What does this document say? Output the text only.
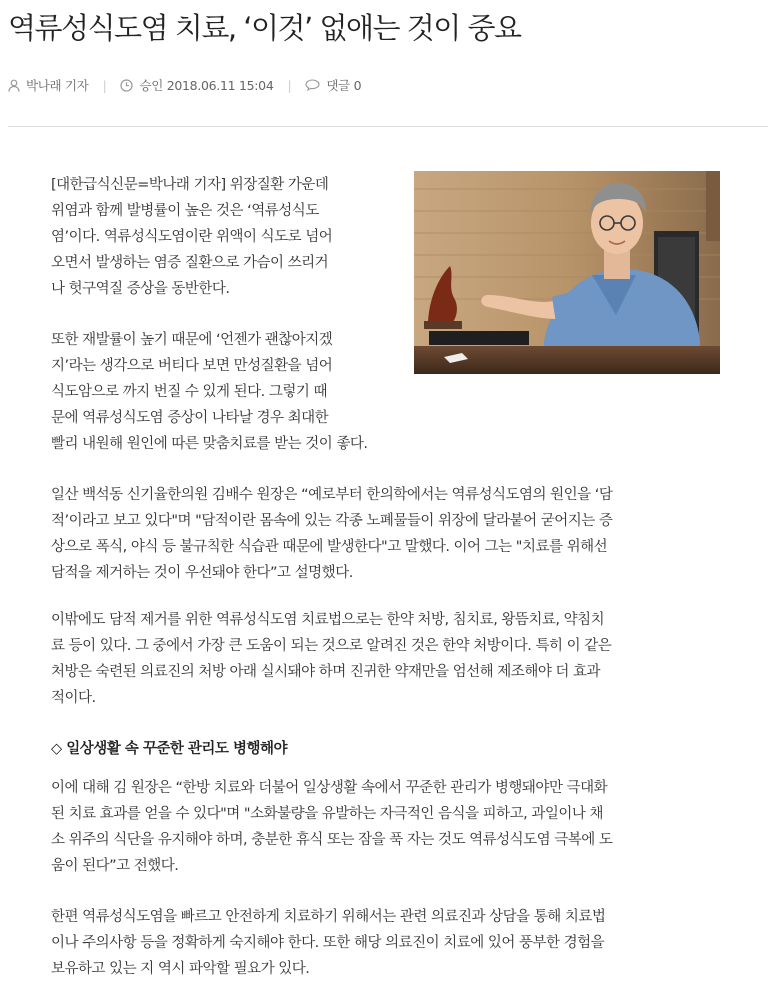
역류성식도염 치료, ‘이것’ 없애는 것이 중요
박나래 기자 |	승인 2018.06.11 15:04 |	댓글 0

[대한급식신문=박나래 기자] 위장질환 가운데
위염과 함께 발병률이 높은 것은 ‘역류성식도
염’이다. 역류성식도염이란 위액이 식도로 넘어
오면서 발생하는 염증 질환으로 가슴이 쓰리거
나 헛구역질 증상을 동반한다.

또한 재발률이 높기 때문에 ‘언젠가 괜찮아지겠
지’라는 생각으로 버티다 보면 만성질환을 넘어
식도암으로 까지 번질 수 있게 된다. 그렇기 때
문에 역류성식도염 증상이 나타날 경우 최대한
빨리 내원해 원인에 따른 맞춤치료를 받는 것이 좋다.

일산 백석동 신기율한의원 김배수 원장은 “예로부터 한의학에서는 역류성식도염의 원인을 ‘담
적’이라고 보고 있다"며 "담적이란 몸속에 있는 각종 노폐물들이 위장에 달라붙어 굳어지는 증
상으로 폭식, 야식 등 불규칙한 식습관 때문에 발생한다"고 말했다. 이어 그는 "치료를 위해선
담적을 제거하는 것이 우선돼야 한다”고 설명했다.

이밖에도 담적 제거를 위한 역류성식도염 치료법으로는 한약 처방, 침치료, 왕뜸치료, 약침치
료 등이 있다. 그 중에서 가장 큰 도움이 되는 것으로 알려진 것은 한약 처방이다. 특히 이 같은
처방은 숙련된 의료진의 처방 아래 실시돼야 하며 진귀한 약재만을 엄선해 제조해야 더 효과
적이다.

◇ 일상생활 속 꾸준한 관리도 병행해야

이에 대해 김 원장은 “한방 치료와 더불어 일상생활 속에서 꾸준한 관리가 병행돼야만 극대화
된 치료 효과를 얻을 수 있다"며 "소화불량을 유발하는 자극적인 음식을 피하고, 과일이나 채
소 위주의 식단을 유지해야 하며, 충분한 휴식 또는 잠을 푹 자는 것도 역류성식도염 극복에 도
움이 된다”고 전했다.

한편 역류성식도염을 빠르고 안전하게 치료하기 위해서는 관련 의료진과 상담을 통해 치료법
이나 주의사항 등을 정확하게 숙지해야 한다. 또한 해당 의료진이 치료에 있어 풍부한 경험을
보유하고 있는 지 역시 파악할 필요가 있다.
